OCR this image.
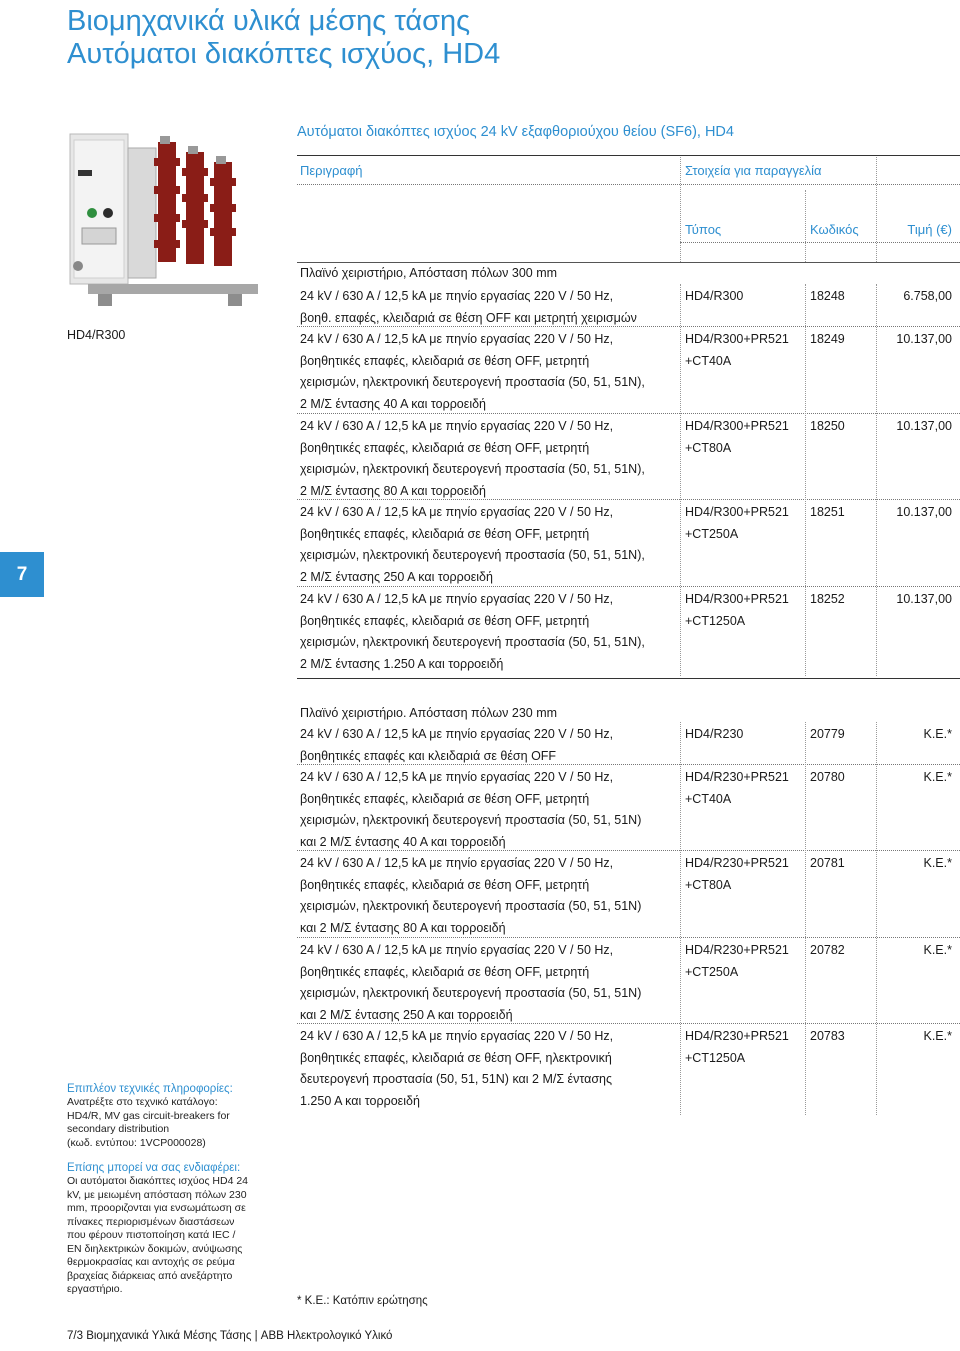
Βιομηχανικά υλικά μέσης τάσης
Αυτόματοι διακόπτες ισχύος, HD4
Αυτόματοι διακόπτες ισχύος 24 kV εξαφθοριούχου θείου (SF6), HD4
Περιγραφή	Στοιχεία για παραγγελία
Τύπος	Κωδικός	Τιμή (€)
HD4/R300
7
Πλαϊνό χειριστήριο, Απόσταση πόλων 300 mm
24 kV / 630 A / 12,5 kA με πηνίο εργασίας 220 V / 50 Hz,
βοηθ. επαφές, κλειδαριά σε θέση OFF και μετρητή χειρισμών
HD4/R300	18248	6.758,00
24 kV / 630 A / 12,5 kA με πηνίο εργασίας 220 V / 50 Hz,
βοηθητικές επαφές, κλειδαριά σε θέση OFF, μετρητή
χειρισμών, ηλεκτρονική δευτερογενή προστασία (50, 51, 51N),
2 Μ/Σ έντασης 40 Α και τορροειδή
HD4/R300+PR521
+CT40A
18249	10.137,00
24 kV / 630 A / 12,5 kA με πηνίο εργασίας 220 V / 50 Hz,
βοηθητικές επαφές, κλειδαριά σε θέση OFF, μετρητή
χειρισμών, ηλεκτρονική δευτερογενή προστασία (50, 51, 51N),
2 Μ/Σ έντασης 80 Α και τορροειδή
HD4/R300+PR521
+CT80A
18250	10.137,00
24 kV / 630 A / 12,5 kA με πηνίο εργασίας 220 V / 50 Hz,
βοηθητικές επαφές, κλειδαριά σε θέση OFF, μετρητή
χειρισμών, ηλεκτρονική δευτερογενή προστασία (50, 51, 51N),
2 Μ/Σ έντασης 250 Α και τορροειδή
HD4/R300+PR521
+CT250A
18251	10.137,00
24 kV / 630 A / 12,5 kA με πηνίο εργασίας 220 V / 50 Hz,
βοηθητικές επαφές, κλειδαριά σε θέση OFF, μετρητή
χειρισμών, ηλεκτρονική δευτερογενή προστασία (50, 51, 51N),
2 Μ/Σ έντασης 1.250 Α και τορροειδή
HD4/R300+PR521
+CT1250A
18252	10.137,00
Πλαϊνό χειριστήριο. Απόσταση πόλων 230 mm
24 kV / 630 A / 12,5 kA με πηνίο εργασίας 220 V / 50 Hz,
βοηθητικές επαφές και κλειδαριά σε θέση OFF
HD4/R230	20779	Κ.Ε.*
24 kV / 630 A / 12,5 kA με πηνίο εργασίας 220 V / 50 Hz,
βοηθητικές επαφές, κλειδαριά σε θέση OFF, μετρητή
χειρισμών, ηλεκτρονική δευτερογενή προστασία (50, 51, 51N)
και 2 Μ/Σ έντασης 40 Α και τορροειδή
HD4/R230+PR521
+CT40A
20780	Κ.Ε.*
24 kV / 630 A / 12,5 kA με πηνίο εργασίας 220 V / 50 Hz,
βοηθητικές επαφές, κλειδαριά σε θέση OFF, μετρητή
χειρισμών, ηλεκτρονική δευτερογενή προστασία (50, 51, 51N)
και 2 Μ/Σ έντασης 80 Α και τορροειδή
HD4/R230+PR521
+CT80A
20781	Κ.Ε.*
24 kV / 630 A / 12,5 kA με πηνίο εργασίας 220 V / 50 Hz,
βοηθητικές επαφές, κλειδαριά σε θέση OFF, μετρητή
χειρισμών, ηλεκτρονική δευτερογενή προστασία (50, 51, 51N)
και 2 Μ/Σ έντασης 250 Α και τορροειδή
HD4/R230+PR521
+CT250A
20782	Κ.Ε.*
24 kV / 630 A / 12,5 kA με πηνίο εργασίας 220 V / 50 Hz,
βοηθητικές επαφές, κλειδαριά σε θέση OFF, ηλεκτρονική
δευτερογενή προστασία (50, 51, 51N) και 2 Μ/Σ έντασης
1.250 Α και τορροειδή
HD4/R230+PR521
+CT1250A
20783	Κ.Ε.*
Επιπλέον τεχνικές πληροφορίες:
Ανατρέξτε στο τεχνικό κατάλογο:
HD4/R, MV gas circuit-breakers for
secondary distribution
(κωδ. εντύπου: 1VCP000028)
Επίσης μπορεί να σας ενδιαφέρει:
Οι αυτόματοι διακόπτες ισχύος HD4 24
kV, με μειωμένη απόσταση πόλων 230
mm, προοριζονται για ενσωμάτωση σε
πίνακες περιορισμένων διαστάσεων
που φέρουν πιστοποίηση κατά IEC /
EN διηλεκτρικών δοκιμών, ανύψωσης
θερμοκρασίας και αντοχής σε ρεύμα
βραχείας διάρκειας από ανεξάρτητο
εργαστήριο.
* Κ.Ε.: Κατόπιν ερώτησης
7/3 Βιομηχανικά Υλικά Μέσης Τάσης | ABB Ηλεκτρολογικό Υλικό
